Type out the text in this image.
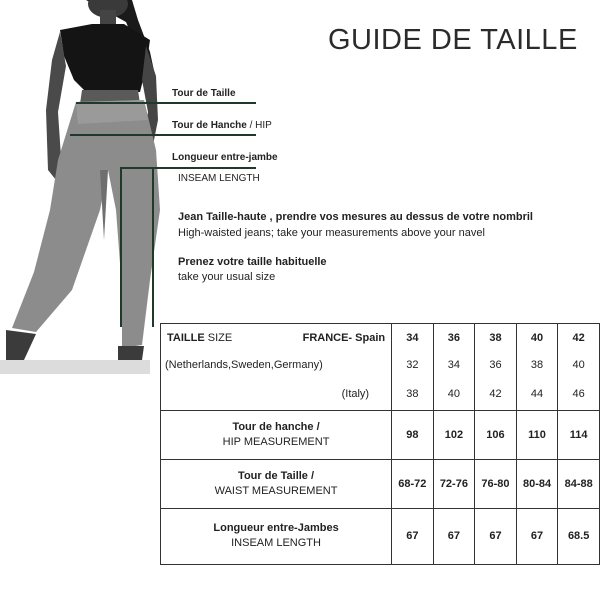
GUIDE DE TAILLE
Tour de Taille
Tour de Hanche / HIP
Longueur entre-jambe
INSEAM LENGTH
Jean Taille-haute , prendre vos mesures au dessus de votre nombril
High-waisted jeans; take your measurements above your navel
Prenez votre taille habituelle
take your usual size
TAILLE SIZE FRANCE- Spain	34	36	38	40	42
(Netherlands,Sweden,Germany)	32	34	36	38	40
(Italy)	38	40	42	44	46
Tour de hanche /
HIP MEASUREMENT	98	102	106	110	114
Tour de Taille /
WAIST MEASUREMENT	68-72	72-76	76-80	80-84	84-88
Longueur entre-Jambes
INSEAM LENGTH	67	67	67	67	68.5
